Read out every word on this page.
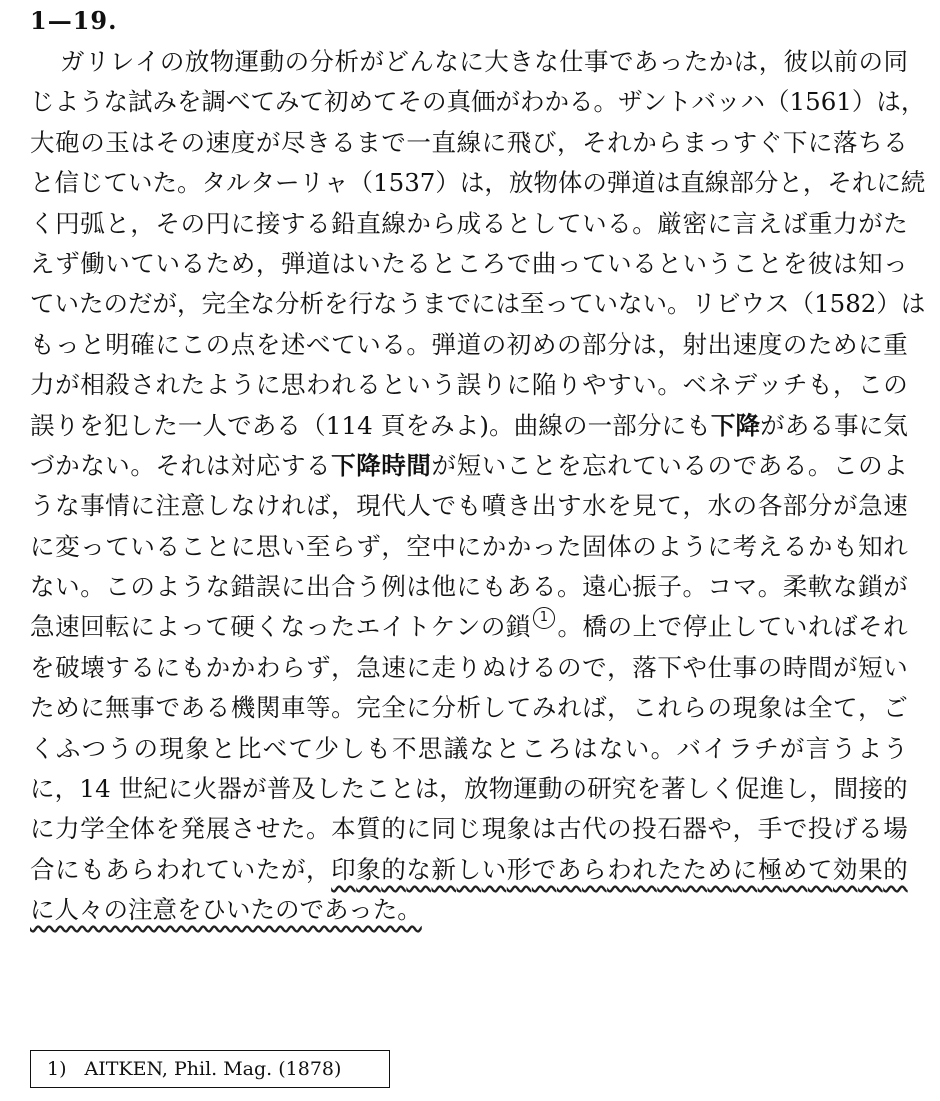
1—19.
ガ リ レ イ の 放 物 運 動 の 分 析 が ど ん な に 大 き な 仕 事 で あ っ た か は ， 彼 以 前 の 同
じ よ う な 試 み を 調 べ て み て 初 め て そ の 真 価 が わ か る 。 ザ ン ト バ ッ ハ （ 1 5 6 1 ） は ，
大 砲 の 玉 は そ の 速 度 が 尽 き る ま で 一 直 線 に 飛 び ， そ れ か ら ま っ す ぐ 下 に 落 ち る
と 信 じ て い た 。 タ ル タ ー リ ャ （ 1 5 3 7 ） は ， 放 物 体 の 弾 道 は 直 線 部 分 と ， そ れ に 続
く 円 弧 と ， そ の 円 に 接 す る 鉛 直 線 か ら 成 る と し て い る 。 厳 密 に 言 え ば 重 力 が た
え ず 働 い て い る た め ， 弾 道 は い た る と こ ろ で 曲 っ て い る と い う こ と を 彼 は 知 っ
て い た の だ が ， 完 全 な 分 析 を 行 な う ま で に は 至 っ て い な い 。 リ ビ ウ ス （ 1 5 8 2 ） は
も っ と 明 確 に こ の 点 を 述 べ て い る 。 弾 道 の 初 め の 部 分 は ， 射 出 速 度 の た め に 重
力 が 相 殺 さ れ た よ う に 思 わ れ る と い う 誤 り に 陥 り や す い 。 ベ ネ デ ッ チ も ， こ の
誤 り を 犯 し た 一 人 で あ る （ 1 1 4
頁 を み よ ) 。 曲 線 の 一 部 分 に も 下 降 が あ る 事 に 気
づ か な い 。 そ れ は 対 応 す る 下 降 時 間 が 短 い こ と を 忘 れ て い る の で あ る 。 こ の よ
う な 事 情 に 注 意 し な け れ ば ， 現 代 人 で も 噴 き 出 す 水 を 見 て ， 水 の 各 部 分 が 急 速
に 変 っ て い る こ と に 思 い 至 ら ず ， 空 中 に か か っ た 固 体 の よ う に 考 え る か も 知 れ
な い 。 こ の よ う な 錯 誤 に 出 合 う 例 は 他 に も あ る 。 遠 心 振 子 。 コ マ 。 柔 軟 な 鎖 が
急 速 回 転 に よ っ て 硬 く な っ た エ イ ト ケ ン の 鎖 1 。 橋 の 上 で 停 止 し て い れ ば そ れ
を 破 壊 す る に も か か わ ら ず ， 急 速 に 走 り ぬ け る の で ， 落 下 や 仕 事 の 時 間 が 短 い
た め に 無 事 で あ る 機 関 車 等 。 完 全 に 分 析 し て み れ ば ， こ れ ら の 現 象 は 全 て ， ご
く ふ つ う の 現 象 と 比 べ て 少 し も 不 思 議 な と こ ろ は な い 。 バ イ ラ チ が 言 う よ う
に ， 1 4
世 紀 に 火 器 が 普 及 し た こ と は ， 放 物 運 動 の 研 究 を 著 し く 促 進 し ， 間 接 的
に 力 学 全 体 を 発 展 さ せ た 。 本 質 的 に 同 じ 現 象 は 古 代 の 投 石 器 や ， 手 で 投 げ る 場
合 に も あ ら わ れ て い た が ， 印 象 的 な 新 し い 形 で あ ら わ れ た た め に 極 め て 効 果 的
に人々の注意をひいたのであった。
1) AITKEN, Phil. Mag. (1878)
